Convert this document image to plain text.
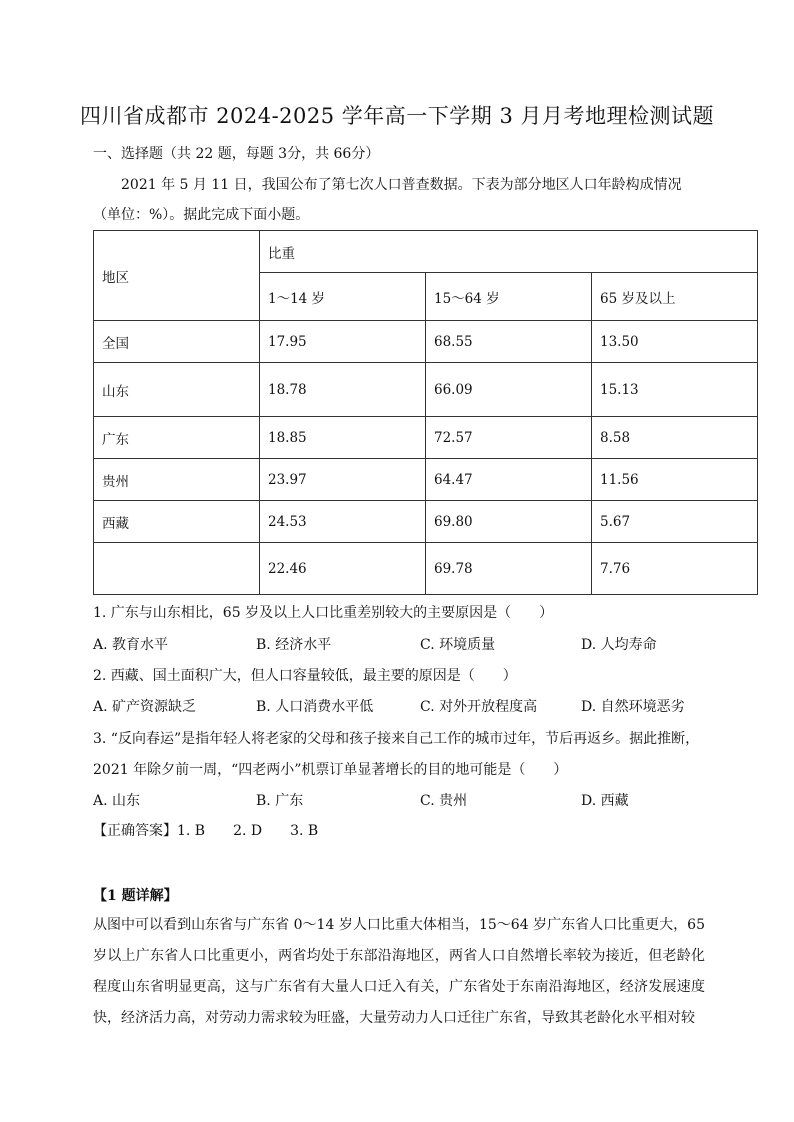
四川省成都市 2024-2025 学年高一下学期 3 月月考地理检测试题
一、选择题（共 22 题，每题 3分，共 66分）
2021 年 5 月 11 日，我国公布了第七次人口普查数据。下表为部分地区人口年龄构成情况（单位：%）。据此完成下面小题。
地区	比重		
	1～14 岁	15～64 岁	65 岁及以上
全国	17.95	68.55	13.50
山东	18.78	66.09	15.13
广东	18.85	72.57	8.58
贵州	23.97	64.47	11.56
西藏	24.53	69.80	5.67
	22.46	69.78	7.76
1. 广东与山东相比，65 岁及以上人口比重差别较大的主要原因是（　　）
A. 教育水平	B. 经济水平	C. 环境质量	D. 人均寿命
2. 西藏、国土面积广大，但人口容量较低，最主要的原因是（　　）
A. 矿产资源缺乏	B. 人口消费水平低	C. 对外开放程度高	D. 自然环境恶劣
3. “反向春运”是指年轻人将老家的父母和孩子接来自己工作的城市过年，节后再返乡。据此推断，
2021 年除夕前一周，“四老两小”机票订单显著增长的目的地可能是（　　）
A. 山东	B. 广东	C. 贵州	D. 西藏
【正确答案】1. B　　2. D　　3. B
【1 题详解】
从图中可以看到山东省与广东省 0～14 岁人口比重大体相当，15～64 岁广东省人口比重更大，65 岁以上广东省人口比重更小，两省均处于东部沿海地区，两省人口自然增长率较为接近，但老龄化程度山东省明显更高，这与广东省有大量人口迁入有关，广东省处于东南沿海地区，经济发展速度快，经济活力高，对劳动力需求较为旺盛，大量劳动力人口迁往广东省，导致其老龄化水平相对较
